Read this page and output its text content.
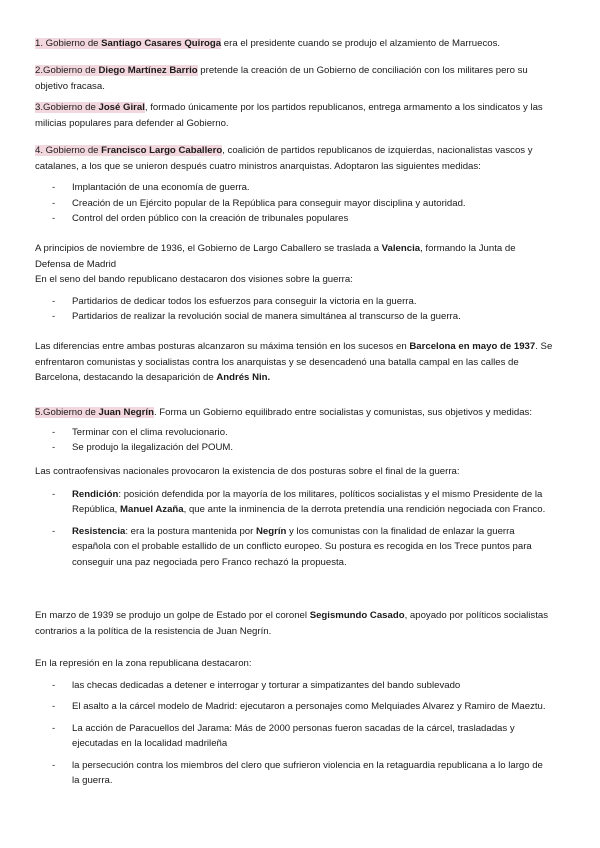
1. Gobierno de Santiago Casares Quiroga era el presidente cuando se produjo el alzamiento de Marruecos.

2.Gobierno de Diego Martínez Barrio pretende la creación de un Gobierno de conciliación con los militares pero su objetivo fracasa.

3.Gobierno de José Giral, formado únicamente por los partidos republicanos, entrega armamento a los sindicatos y las milicias populares para defender al Gobierno.

4. Gobierno de Francisco Largo Caballero, coalición de partidos republicanos de izquierdas, nacionalistas vascos y catalanes, a los que se unieron después cuatro ministros anarquistas. Adoptaron las siguientes medidas:

- Implantación de una economía de guerra.
- Creación de un Ejército popular de la República para conseguir mayor disciplina y autoridad.
- Control del orden público con la creación de tribunales populares

A principios de noviembre de 1936, el Gobierno de Largo Caballero se traslada a Valencia, formando la Junta de Defensa de Madrid

En el seno del bando republicano destacaron dos visiones sobre la guerra:

- Partidarios de dedicar todos los esfuerzos para conseguir la victoria en la guerra.
- Partidarios de realizar la revolución social de manera simultánea al transcurso de la guerra.

Las diferencias entre ambas posturas alcanzaron su máxima tensión en los sucesos en Barcelona en mayo de 1937. Se enfrentaron comunistas y socialistas contra los anarquistas y se desencadenó una batalla campal en las calles de Barcelona, destacando la desaparición de Andrés Nin.

5.Gobierno de Juan Negrín. Forma un Gobierno equilibrado entre socialistas y comunistas, sus objetivos y medidas:

- Terminar con el clima revolucionario.
- Se produjo la ilegalización del POUM.

Las contraofensivas nacionales provocaron la existencia de dos posturas sobre el final de la guerra:

- Rendición: posición defendida por la mayoría de los militares, políticos socialistas y el mismo Presidente de la República, Manuel Azaña, que ante la inminencia de la derrota pretendía una rendición negociada con Franco.
- Resistencia: era la postura mantenida por Negrín y los comunistas con la finalidad de enlazar la guerra española con el probable estallido de un conflicto europeo. Su postura es recogida en los Trece puntos para conseguir una paz negociada pero Franco rechazó la propuesta.

En marzo de 1939 se produjo un golpe de Estado por el coronel Segismundo Casado, apoyado por políticos socialistas contrarios a la política de la resistencia de Juan Negrín.

En la represión en la zona republicana destacaron:

- las checas dedicadas a detener e interrogar y torturar a simpatizantes del bando sublevado
- El asalto a la cárcel modelo de Madrid: ejecutaron a personajes como Melquiades Alvarez y Ramiro de Maeztu.
- La acción de Paracuellos del Jarama: Más de 2000 personas fueron sacadas de la cárcel, trasladadas y ejecutadas en la localidad madrileña
- la persecución contra los miembros del clero que sufrieron violencia en la retaguardia republicana a lo largo de la guerra.
